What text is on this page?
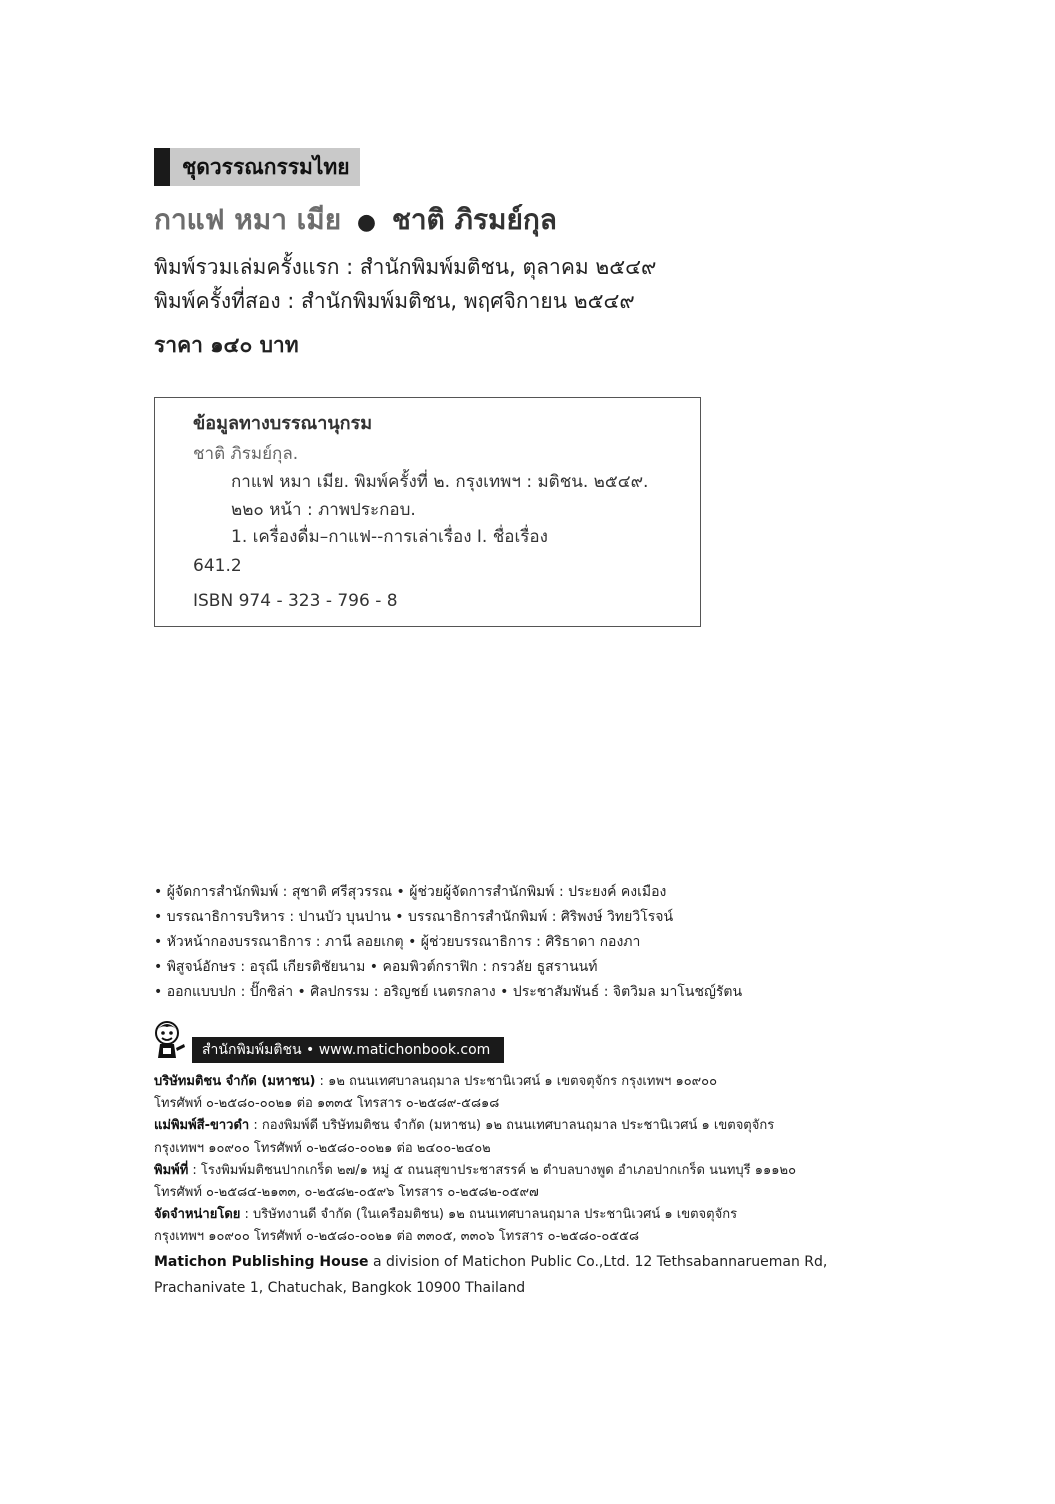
ชุดวรรณกรรมไทย
กาแฟ หมา เมีย ● ชาติ ภิรมย์กุล
พิมพ์รวมเล่มครั้งแรก : สำนักพิมพ์มติชน, ตุลาคม ๒๕๔๙
พิมพ์ครั้งที่สอง : สำนักพิมพ์มติชน, พฤศจิกายน ๒๕๔๙
ราคา ๑๔๐ บาท
ข้อมูลทางบรรณานุกรม
ชาติ ภิรมย์กุล.
กาแฟ หมา เมีย. พิมพ์ครั้งที่ ๒. กรุงเทพฯ : มติชน. ๒๕๔๙.
๒๒๐ หน้า : ภาพประกอบ.
1. เครื่องดื่ม–กาแฟ--การเล่าเรื่อง I. ชื่อเรื่อง
641.2
ISBN 974 - 323 - 796 - 8
• ผู้จัดการสำนักพิมพ์ : สุชาติ ศรีสุวรรณ • ผู้ช่วยผู้จัดการสำนักพิมพ์ : ประยงค์ คงเมือง
• บรรณาธิการบริหาร : ปานบัว บุนปาน • บรรณาธิการสำนักพิมพ์ : ศิริพงษ์ วิทยวิโรจน์
• หัวหน้ากองบรรณาธิการ : ภานี ลอยเกตุ • ผู้ช่วยบรรณาธิการ : ศิริธาดา กองภา
• พิสูจน์อักษร : อรุณี เกียรติชัยนาม • คอมพิวต์กราฟิก : กรวลัย ธูสรานนท์
• ออกแบบปก : ปั๊กซิล่า • ศิลปกรรม : อริญชย์ เนตรกลาง • ประชาสัมพันธ์ : จิตวิมล มาโนชญ์รัตน
สำนักพิมพ์มติชน • www.matichonbook.com
บริษัทมติชน จำกัด (มหาชน) : ๑๒ ถนนเทศบาลนฤมาล ประชานิเวศน์ ๑ เขตจตุจักร กรุงเทพฯ ๑๐๙๐๐
โทรศัพท์ ๐-๒๕๘๐-๐๐๒๑ ต่อ ๑๓๓๕ โทรสาร ๐-๒๕๘๙-๕๘๑๘
แม่พิมพ์สี-ขาวดำ : กองพิมพ์ดี บริษัทมติชน จำกัด (มหาชน) ๑๒ ถนนเทศบาลนฤมาล ประชานิเวศน์ ๑ เขตจตุจักร
กรุงเทพฯ ๑๐๙๐๐ โทรศัพท์ ๐-๒๕๘๐-๐๐๒๑ ต่อ ๒๔๐๐-๒๔๐๒
พิมพ์ที่ : โรงพิมพ์มติชนปากเกร็ด ๒๗/๑ หมู่ ๕ ถนนสุขาประชาสรรค์ ๒ ตำบลบางพูด อำเภอปากเกร็ด นนทบุรี ๑๑๑๒๐
โทรศัพท์ ๐-๒๕๘๔-๒๑๓๓, ๐-๒๕๘๒-๐๕๙๖ โทรสาร ๐-๒๕๘๒-๐๕๙๗
จัดจำหน่ายโดย : บริษัทงานดี จำกัด (ในเครือมติชน) ๑๒ ถนนเทศบาลนฤมาล ประชานิเวศน์ ๑ เขตจตุจักร
กรุงเทพฯ ๑๐๙๐๐ โทรศัพท์ ๐-๒๕๘๐-๐๐๒๑ ต่อ ๓๓๐๕, ๓๓๐๖ โทรสาร ๐-๒๕๘๐-๐๕๕๘
Matichon Publishing House a division of Matichon Public Co.,Ltd. 12 Tethsabannarueman Rd,
Prachanivate 1, Chatuchak, Bangkok 10900 Thailand
